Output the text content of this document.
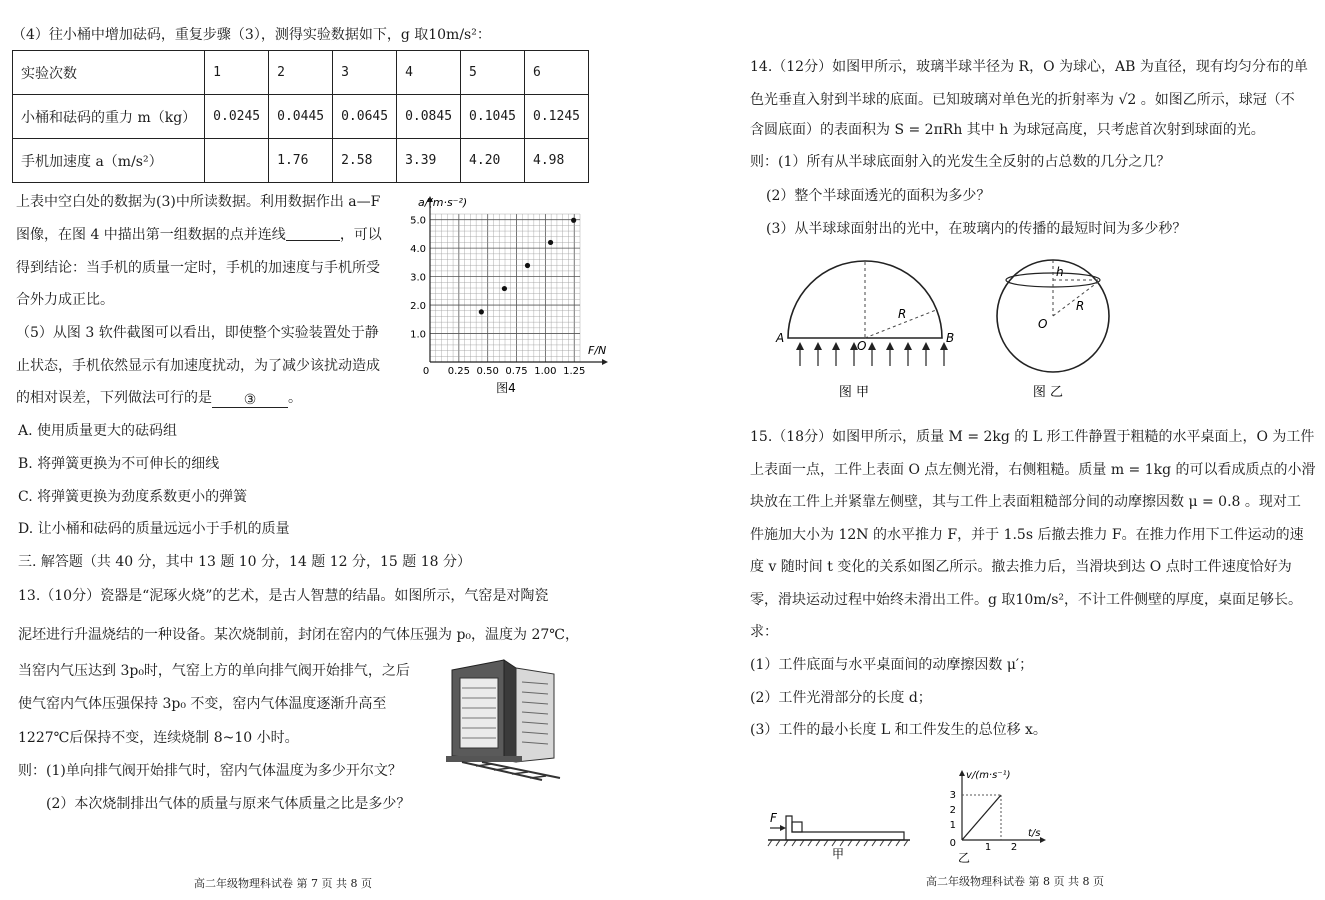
（4）往小桶中增加砝码，重复步骤（3），测得实验数据如下，g 取10m/s²：
实验次数	1	2	3	4	5	6
小桶和砝码的重力 m（kg）	0.0245	0.0445	0.0645	0.0845	0.1045	0.1245
手机加速度 a（m/s²）		1.76	2.58	3.39	4.20	4.98
上表中空白处的数据为(3)中所读数据。利用数据作出 a—F
图像，在图 4 中描出第一组数据的点并连线	，可以
得到结论：当手机的质量一定时，手机的加速度与手机所受
合外力成正比。
（5）从图 3 软件截图可以看出，即使整个实验装置处于静
止状态，手机依然显示有加速度扰动，为了减少该扰动造成
的相对误差，下列做法可行的是 ③ 。
A. 使用质量更大的砝码组
B. 将弹簧更换为不可伸长的细线
C. 将弹簧更换为劲度系数更小的弹簧
D. 让小桶和砝码的质量远远小于手机的质量
三. 解答题（共 40 分，其中 13 题 10 分，14 题 12 分，15 题 18 分）
13.（10分）瓷器是“泥琢火烧”的艺术，是古人智慧的结晶。如图所示，气窑是对陶瓷
泥坯进行升温烧结的一种设备。某次烧制前，封闭在窑内的气体压强为 p₀，温度为 27℃，
当窑内气压达到 3p₀时，气窑上方的单向排气阀开始排气，之后
使气窑内气体压强保持 3p₀ 不变，窑内气体温度逐渐升高至
1227℃后保持不变，连续烧制 8~10 小时。
则：(1)单向排气阀开始排气时，窑内气体温度为多少开尔文？
(2）本次烧制排出气体的质量与原来气体质量之比是多少？
a/(m·s⁻²)
F/N
1.0
2.0
3.0
4.0
5.0
0 0.25 0.50 0.75 1.00 1.25
图4
高二年级物理科试卷 第 7 页 共 8 页
14.（12分）如图甲所示，玻璃半球半径为 R，O 为球心，AB 为直径，现有均匀分布的单
色光垂直入射到半球的底面。已知玻璃对单色光的折射率为 √2 。如图乙所示，球冠（不
含圆底面）的表面积为 S = 2πRh 其中 h 为球冠高度，只考虑首次射到球面的光。
则：(1）所有从半球底面射入的光发生全反射的占总数的几分之几？
(2）整个半球面透光的面积为多少？
(3）从半球球面射出的光中，在玻璃内的传播的最短时间为多少秒？
A	B
O
R
图 甲
h
O
R
图 乙
15.（18分）如图甲所示，质量 M = 2kg 的 L 形工件静置于粗糙的水平桌面上，O 为工件
上表面一点，工件上表面 O 点左侧光滑，右侧粗糙。质量 m = 1kg 的可以看成质点的小滑
块放在工件上并紧靠左侧壁，其与工件上表面粗糙部分间的动摩擦因数 μ = 0.8 。现对工
件施加大小为 12N 的水平推力 F，并于 1.5s 后撤去推力 F。在推力作用下工件运动的速
度 v 随时间 t 变化的关系如图乙所示。撤去推力后，当滑块到达 O 点时工件速度恰好为
零，滑块运动过程中始终未滑出工件。g 取10m/s²，不计工件侧壁的厚度，桌面足够长。
求：
(1）工件底面与水平桌面间的动摩擦因数 μ′；
(2）工件光滑部分的长度 d；
(3）工件的最小长度 L 和工件发生的总位移 x。
F
甲
v/(m·s⁻¹)
t/s
1
2
3
0	1 2
乙
高二年级物理科试卷 第 8 页 共 8 页
